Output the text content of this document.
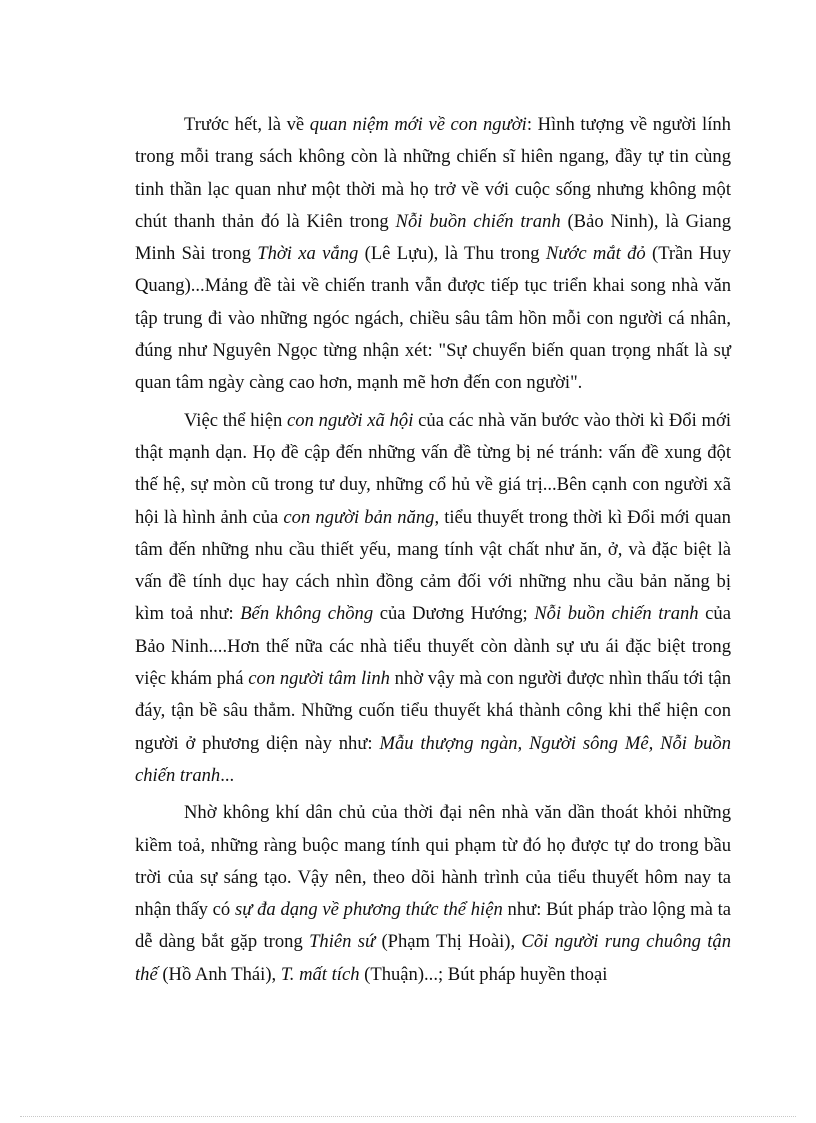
Trước hết, là về quan niệm mới về con người: Hình tượng về người lính trong mỗi trang sách không còn là những chiến sĩ hiên ngang, đầy tự tin cùng tinh thần lạc quan như một thời mà họ trở về với cuộc sống nhưng không một chút thanh thản đó là Kiên trong Nỗi buồn chiến tranh (Bảo Ninh), là Giang Minh Sài trong Thời xa vắng (Lê Lựu), là Thu trong Nước mắt đỏ (Trần Huy Quang)...Mảng đề tài về chiến tranh vẫn được tiếp tục triển khai song nhà văn tập trung đi vào những ngóc ngách, chiều sâu tâm hồn mỗi con người cá nhân, đúng như Nguyên Ngọc từng nhận xét: "Sự chuyển biến quan trọng nhất là sự quan tâm ngày càng cao hơn, mạnh mẽ hơn đến con người".

Việc thể hiện con người xã hội của các nhà văn bước vào thời kì Đổi mới thật mạnh dạn. Họ đề cập đến những vấn đề từng bị né tránh: vấn đề xung đột thế hệ, sự mòn cũ trong tư duy, những cổ hủ về giá trị...Bên cạnh con người xã hội là hình ảnh của con người bản năng, tiểu thuyết trong thời kì Đổi mới quan tâm đến những nhu cầu thiết yếu, mang tính vật chất như ăn, ở, và đặc biệt là vấn đề tính dục hay cách nhìn đồng cảm đối với những nhu cầu bản năng bị kìm toả như: Bến không chồng của Dương Hướng; Nỗi buồn chiến tranh của Bảo Ninh....Hơn thế nữa các nhà tiểu thuyết còn dành sự ưu ái đặc biệt trong việc khám phá con người tâm linh nhờ vậy mà con người được nhìn thấu tới tận đáy, tận bề sâu thẳm. Những cuốn tiểu thuyết khá thành công khi thể hiện con người ở phương diện này như: Mẫu thượng ngàn, Người sông Mê, Nỗi buồn chiến tranh...

Nhờ không khí dân chủ của thời đại nên nhà văn dần thoát khỏi những kiềm toả, những ràng buộc mang tính qui phạm từ đó họ được tự do trong bầu trời của sự sáng tạo. Vậy nên, theo dõi hành trình của tiểu thuyết hôm nay ta nhận thấy có sự đa dạng về phương thức thể hiện như: Bút pháp trào lộng mà ta dễ dàng bắt gặp trong Thiên sứ (Phạm Thị Hoài), Cõi người rung chuông tận thế (Hồ Anh Thái), T. mất tích (Thuận)...; Bút pháp huyền thoại
